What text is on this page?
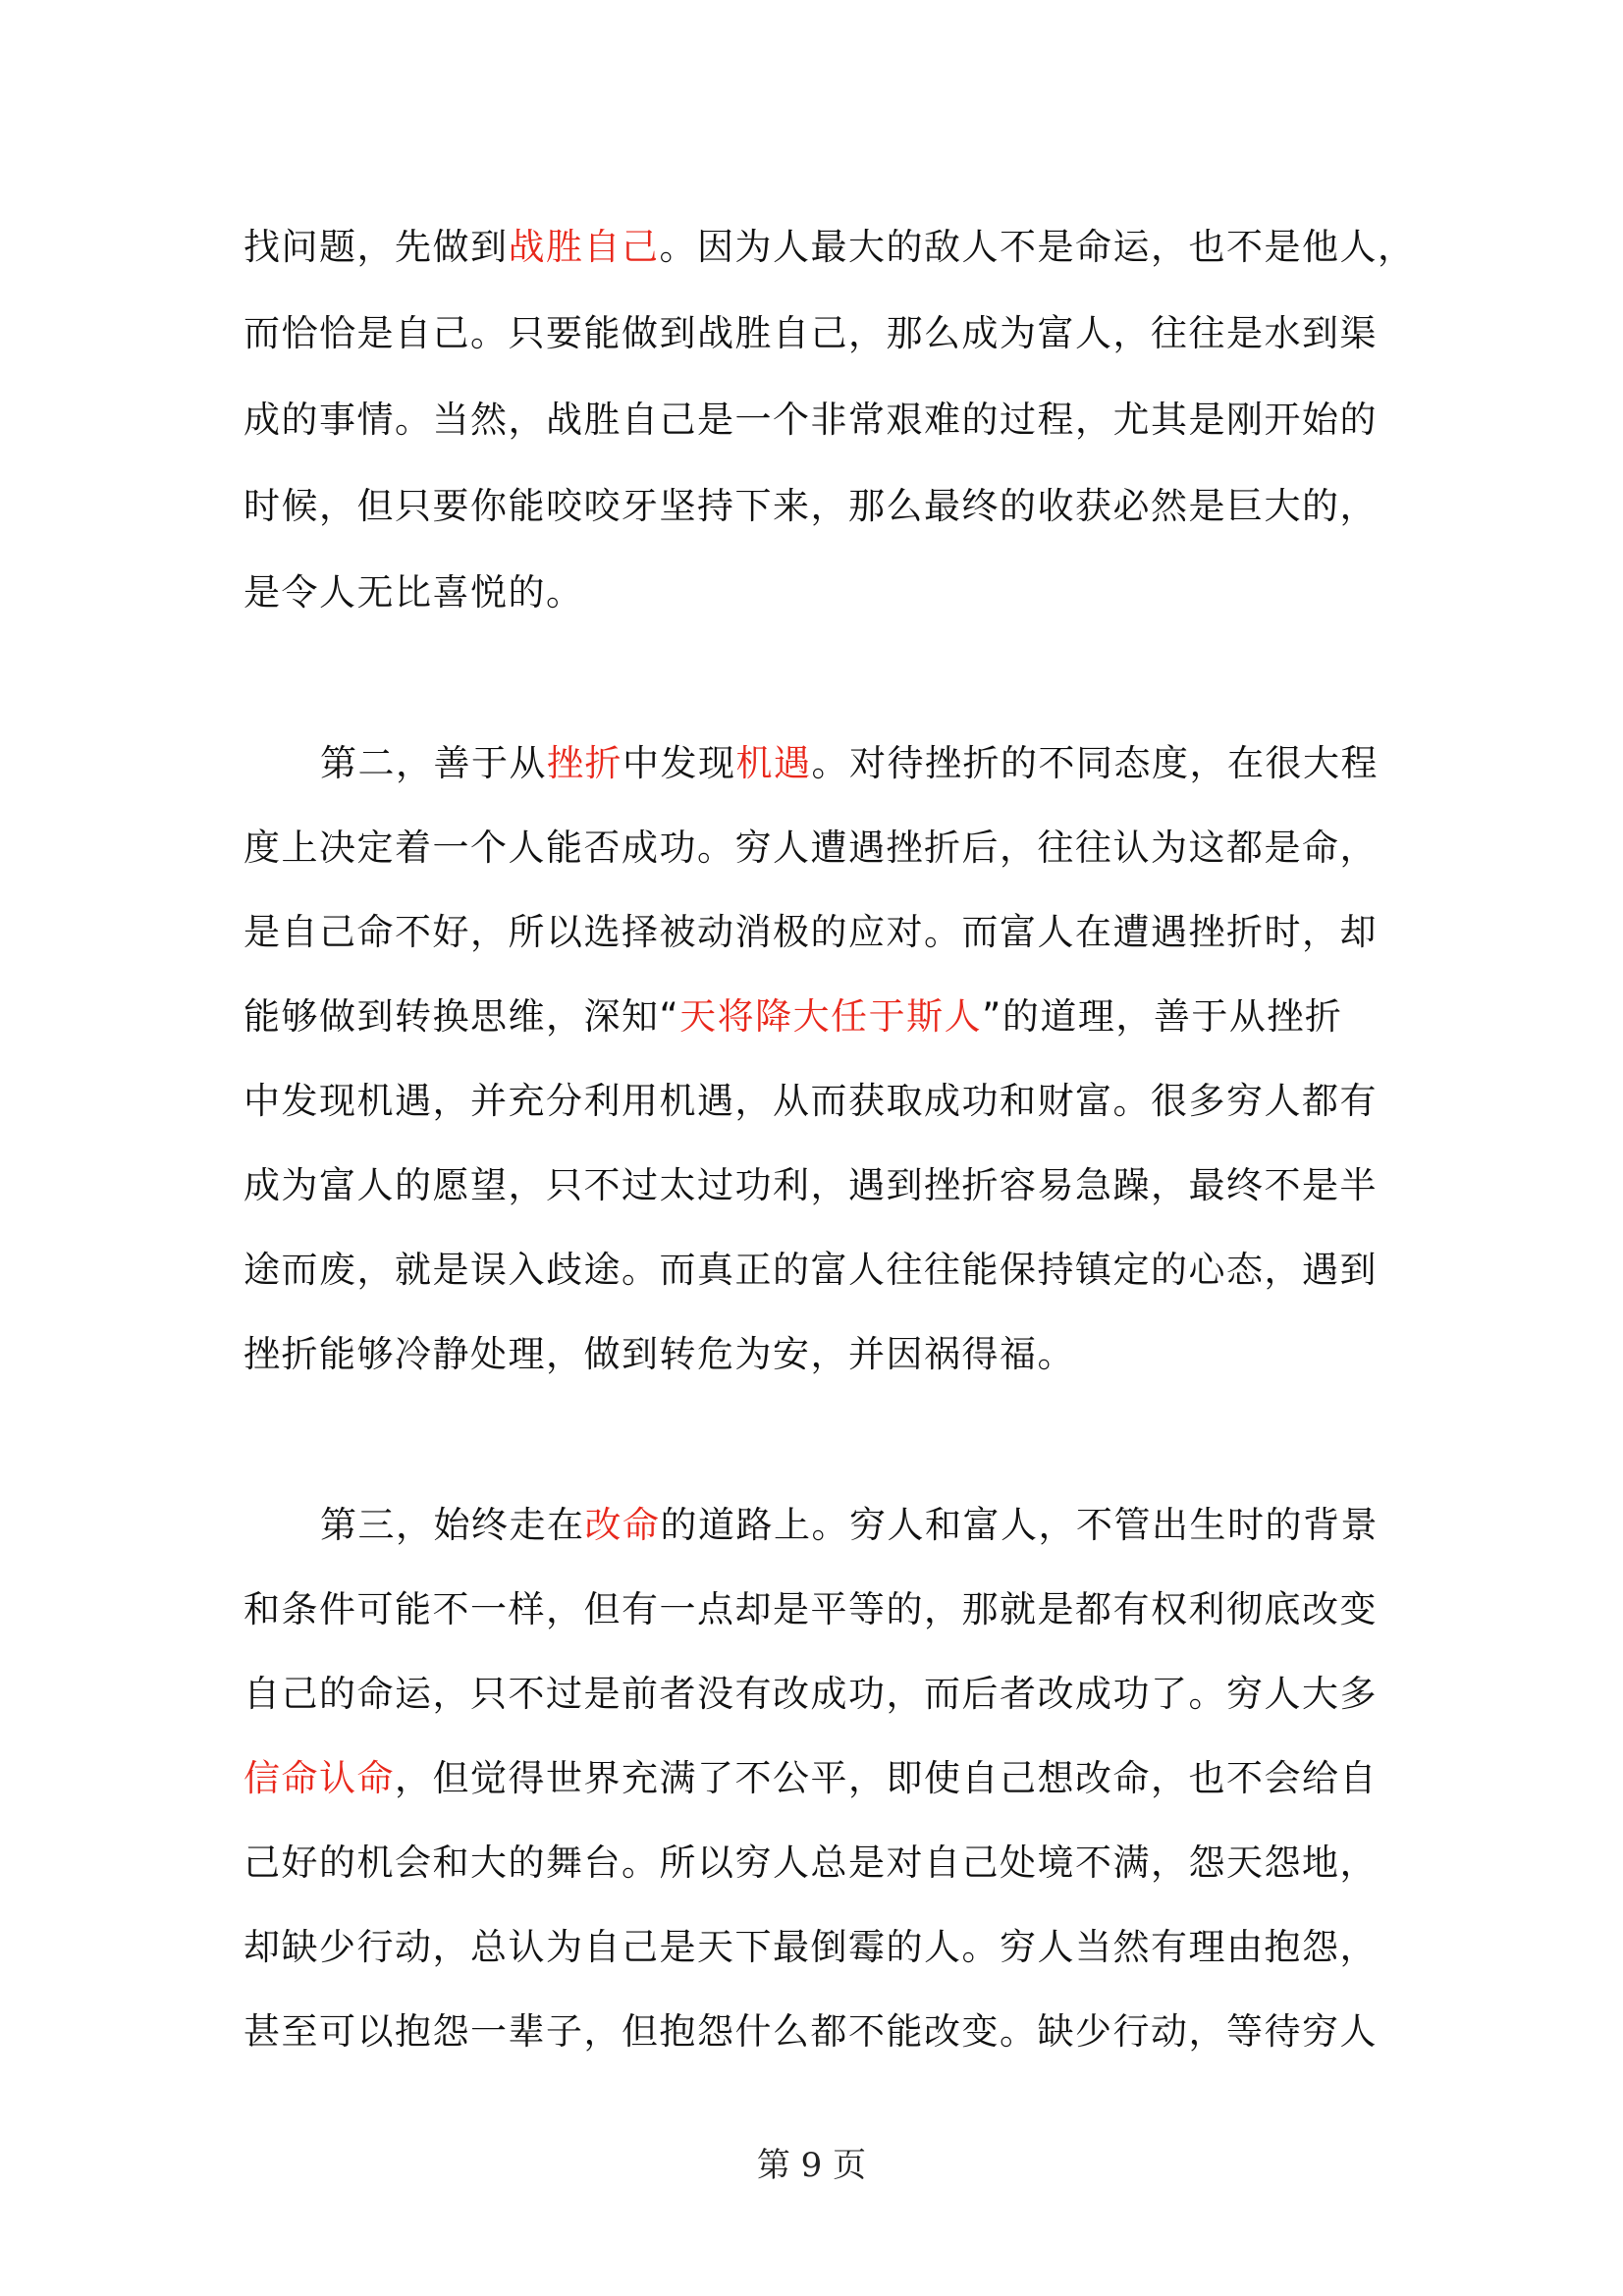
找问题，先做到战胜自己。因为人最大的敌人不是命运，也不是他人，
而恰恰是自己。只要能做到战胜自己，那么成为富人，往往是水到渠
成的事情。当然，战胜自己是一个非常艰难的过程，尤其是刚开始的
时候，但只要你能咬咬牙坚持下来，那么最终的收获必然是巨大的，
是令人无比喜悦的。
第二，善于从挫折中发现机遇。对待挫折的不同态度，在很大程
度上决定着一个人能否成功。穷人遭遇挫折后，往往认为这都是命，
是自己命不好，所以选择被动消极的应对。而富人在遭遇挫折时，却
能够做到转换思维，深知“天将降大任于斯人”的道理，善于从挫折
中发现机遇，并充分利用机遇，从而获取成功和财富。很多穷人都有
成为富人的愿望，只不过太过功利，遇到挫折容易急躁，最终不是半
途而废，就是误入歧途。而真正的富人往往能保持镇定的心态，遇到
挫折能够冷静处理，做到转危为安，并因祸得福。
第三，始终走在改命的道路上。穷人和富人，不管出生时的背景
和条件可能不一样，但有一点却是平等的，那就是都有权利彻底改变
自己的命运，只不过是前者没有改成功，而后者改成功了。穷人大多
信命认命，但觉得世界充满了不公平，即使自己想改命，也不会给自
己好的机会和大的舞台。所以穷人总是对自己处境不满，怨天怨地，
却缺少行动，总认为自己是天下最倒霉的人。穷人当然有理由抱怨，
甚至可以抱怨一辈子，但抱怨什么都不能改变。缺少行动，等待穷人
第 9 页
